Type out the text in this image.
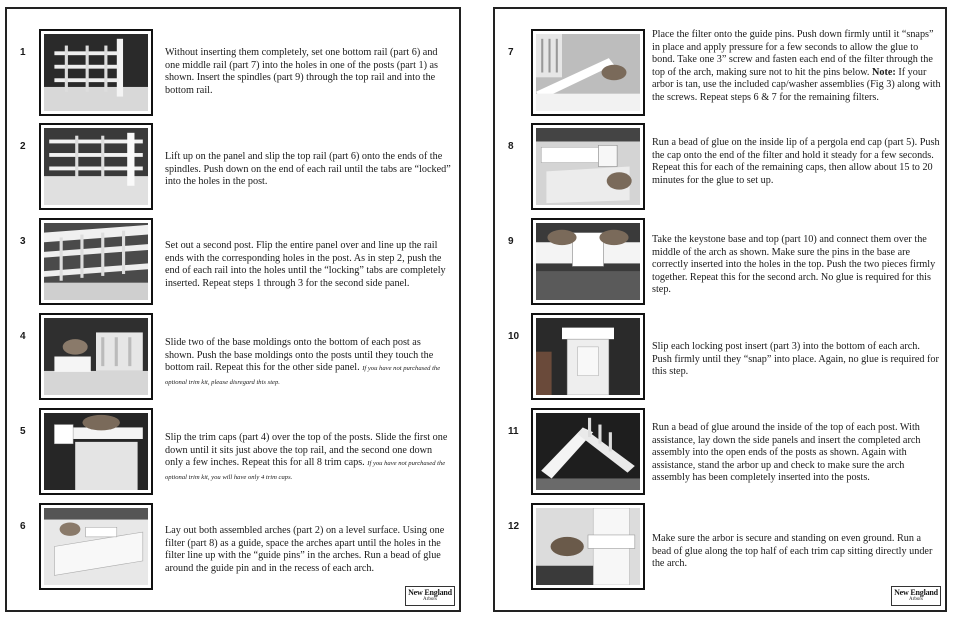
1	Without inserting them completely, set one bottom rail (part 6) and one middle rail (part 7) into the holes in one of the posts (part 1) as shown. Insert the spindles (part 9) through the top rail and into the bottom rail.
2
Lift up on the panel and slip the top rail (part 6) onto the ends of the spindles. Push down on the end of each rail until the tabs are “locked” into the holes in the post.
3	Set out a second post. Flip the entire panel over and line up the rail ends with the corresponding holes in the post. As in step 2, push the end of each rail into the holes until the “locking” tabs are completely inserted. Repeat steps 1 through 3 for the second side panel.
4
Slide two of the base moldings onto the bottom of each post as shown. Push the base moldings onto the posts until they touch the bottom rail. Repeat this for the other side panel. If you have not purchased the optional trim kit, please disregard this step.
5
Slip the trim caps (part 4) over the top of the posts. Slide the first one down until it sits just above the top rail, and the second one down only a few inches. Repeat this for all 8 trim caps. If you have not purchased the optional trim kit, you will have only 4 trim caps.
6	Lay out both assembled arches (part 2) on a level surface. Using one filter (part 8) as a guide, space the arches apart until the holes in the filter line up with the “guide pins” in the arches. Run a bead of glue around the guide pin and in the recess of each arch.
New England
Arbors
7
Place the filter onto the guide pins. Push down firmly until it “snaps” in place and apply pressure for a few seconds to allow the glue to bond. Take one 3” screw and fasten each end of the filter through the top of the arch, making sure not to hit the pins below. Note: If your arbor is tan, use the included cap/washer assemblies (Fig 3) along with the screws. Repeat steps 6 & 7 for the remaining filters.
8	Run a bead of glue on the inside lip of a pergola end cap (part 5). Push the cap onto the end of the filter and hold it steady for a few seconds. Repeat this for each of the remaining caps, then allow about 15 to 20 minutes for the glue to set up.
9	Take the keystone base and top (part 10) and connect them over the middle of the arch as shown. Make sure the pins in the base are correctly inserted into the holes in the top. Push the two pieces firmly together. Repeat this for the second arch. No glue is required for this step.
10
Slip each locking post insert (part 3) into the bottom of each arch. Push firmly until they “snap” into place. Again, no glue is required for this step.
11	Run a bead of glue around the inside of the top of each post. With assistance, lay down the side panels and insert the completed arch assembly into the open ends of the posts as shown. Again with assistance, stand the arbor up and check to make sure the arch assembly has been completely inserted into the posts.
12
Make sure the arbor is secure and standing on even ground. Run a bead of glue along the top half of each trim cap sitting directly under the arch.
New England
Arbors
